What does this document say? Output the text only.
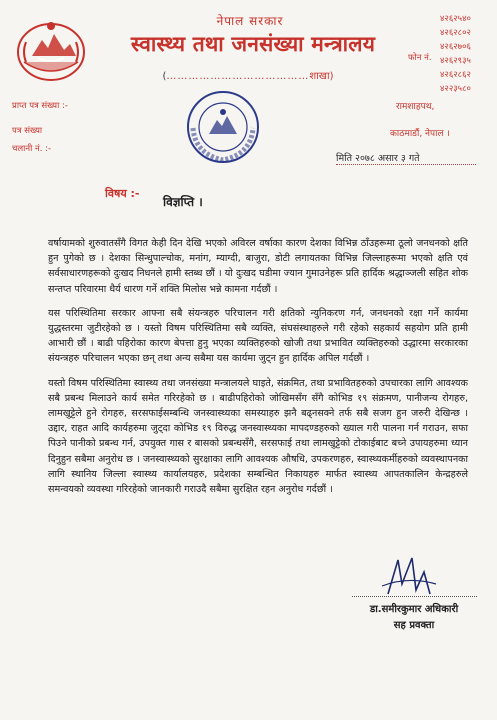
नेपाल सरकार
स्वास्थ्य तथा जनसंख्या मन्त्रालय
(…………………………………शाखा)
फोन नं.
४२६२५४०
४२६२८०२
४२६२७०६
४२६२९३५
४२६२८६२
४२२३५८०
प्राप्त पत्र संख्या :-
पत्र संख्या
चलानी नं. :-
रामशाहपथ,
काठमाडौं, नेपाल ।
मिति २०७८ असार ३ गते
विषय :-
विज्ञप्ति ।

वर्षायामको शुरुवातसँगै विगत केही दिन देखि भएको अविरल वर्षाका कारण देशका विभिन्न ठाँउहरूमा ठूलो जनधनको क्षति हुन पुगेको छ । देशका सिन्धुपाल्चोक, मनांग, म्याग्दी, बाजुरा, डोटी लगायतका विभिन्न जिल्लाहरूमा भएको क्षति एवं सर्वसाधारणहरूको दुःखद निधनले हामी स्तब्ध छौं । यो दुःखद घडीमा ज्यान गुमाउनेहरू प्रति हार्दिक श्रद्धाञ्जली सहित शोक सन्तप्त परिवारमा धैर्य धारण गर्ने शक्ति मिलोस भन्ने कामना गर्दछौं ।

यस परिस्थितिमा सरकार आफ्ना सबै संयन्त्रहरु परिचालन गरी क्षतिको न्युनिकरण गर्न, जनधनको रक्षा गर्ने कार्यमा युद्धस्तरमा जुटीरहेको छ । यस्तो विषम परिस्थितिमा सबै व्यक्ति, संघसंस्थाहरुले गरी रहेको सहकार्य सहयोग प्रति हामी आभारी छौं । बाढी पहिरोका कारण बेपत्ता हुनु भएका व्यक्तिहरुको खोजी तथा प्रभावित व्यक्तिहरुको उद्धारमा सरकारका संयन्त्रहरु परिचालन भएका छन् तथा अन्य सबैमा यस कार्यमा जुट्न हुन हार्दिक अपिल गर्दछौं ।

यस्तो विषम परिस्थितिमा स्वास्थ्य तथा जनसंख्या मन्त्रालयले घाइते, संक्रमित, तथा प्रभावितहरुको उपचारका लागि आवश्यक सबै प्रबन्ध मिलाउने कार्य समेत गरिरहेको छ । बाढीपहिरोको जोखिमसँग सँगै कोभिड १९ संक्रमण, पानीजन्य रोगहरु, लामखुट्टेले हुने रोगहरु, सरसफाईसम्बन्धि जनस्वास्थ्यका समस्याहरु झनै बढ्नसक्ने तर्फ सबै सजग हुन जरुरी देखिन्छ । उद्दार, राहत आदि कार्यहरुमा जुट्दा कोभिड १९ विरुद्ध जनस्वास्थ्यका मापदण्डहरुको ख्याल गरी पालना गर्न गराउन, सफा पिउने पानीको प्रबन्ध गर्न, उपयुक्त गास र बासको प्रबन्धसँगै, सरसफाई तथा लामखुट्टेको टोकाईबाट बच्ने उपायहरुमा ध्यान दिनुहुन सबैमा अनुरोध छ । जनस्वास्थ्यको सुरक्षाका लागि आवश्यक औषधि, उपकरणहरु, स्वास्थ्यकर्मीहरुको व्यवस्थापनका लागि स्थानिय जिल्ला स्वास्थ्य कार्यालयहरु, प्रदेशका सम्बन्धित निकायहरु मार्फत स्वास्थ्य आपतकालिन केन्द्रहरुले समन्वयको व्यवस्था गरिरहेको जानकारी गराउदै सबैमा सुरक्षित रहन अनुरोध गर्दछौं ।

डा.समीरकुमार अधिकारी
सह प्रवक्ता
